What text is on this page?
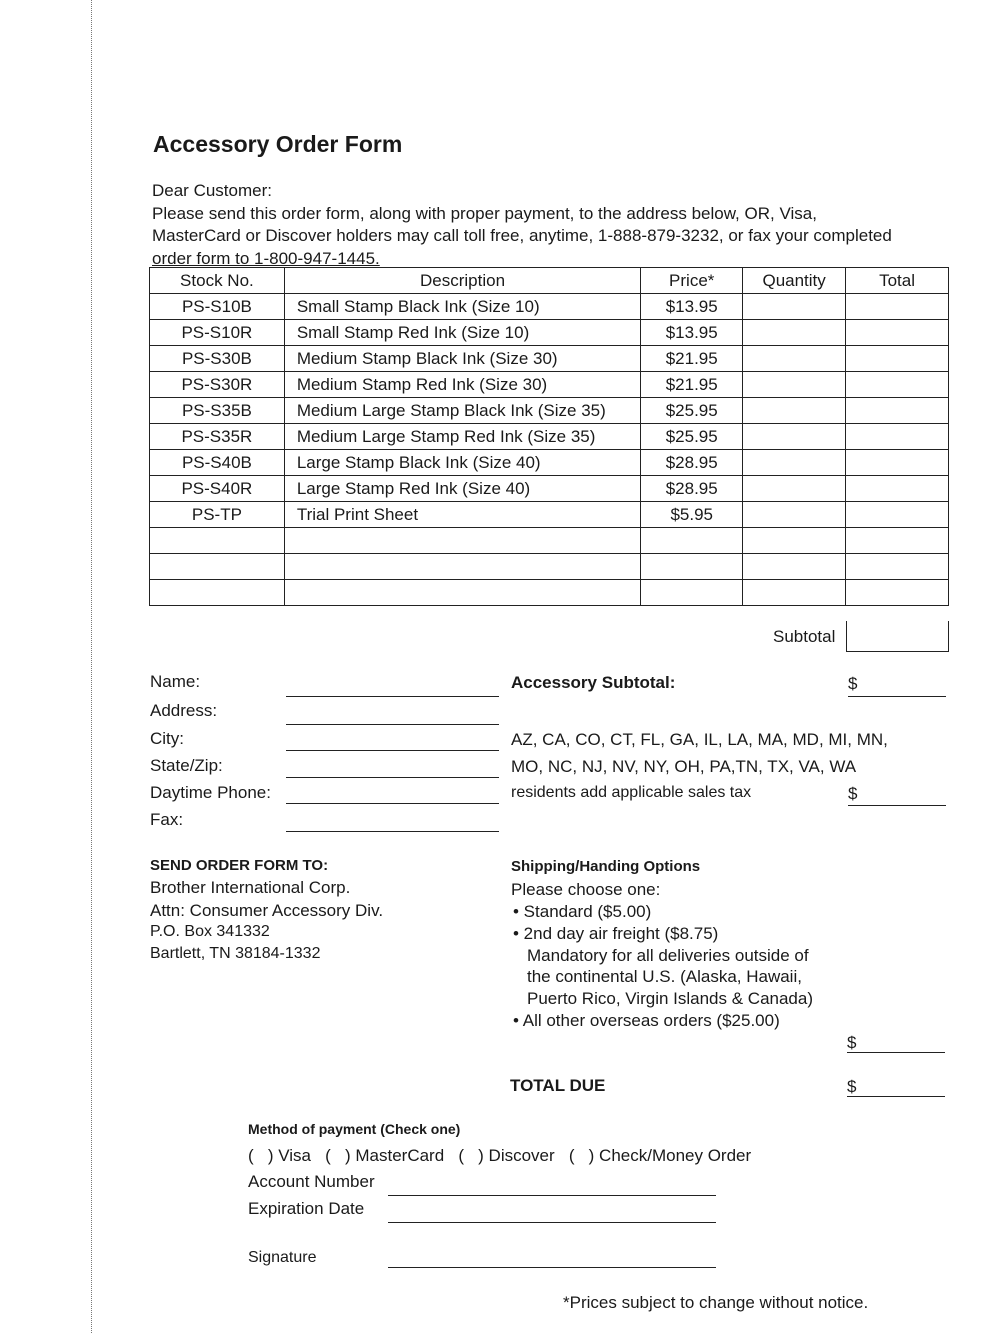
Accessory Order Form
Dear Customer:
Please send this order form, along with proper payment, to the address below, OR, Visa,
MasterCard or Discover holders may call toll free, anytime, 1-888-879-3232, or fax your completed
order form to 1-800-947-1445.
Stock No.	Description	Price*	Quantity	Total
PS-S10B	Small Stamp Black Ink (Size 10)	$13.95		
PS-S10R	Small Stamp Red Ink (Size 10)	$13.95		
PS-S30B	Medium Stamp Black Ink (Size 30)	$21.95		
PS-S30R	Medium Stamp Red Ink (Size 30)	$21.95		
PS-S35B	Medium Large Stamp Black Ink (Size 35)	$25.95		
PS-S35R	Medium Large Stamp Red Ink (Size 35)	$25.95		
PS-S40B	Large Stamp Black Ink (Size 40)	$28.95		
PS-S40R	Large Stamp Red Ink (Size 40)	$28.95		
PS-TP	Trial Print Sheet	$5.95		

Subtotal
Name:
Address:
City:
State/Zip:
Daytime Phone:
Fax:
Accessory Subtotal:	$
AZ, CA, CO, CT, FL, GA, IL, LA, MA, MD, MI, MN,
MO, NC, NJ, NV, NY, OH, PA,TN, TX, VA, WA
residents add applicable sales tax	$
SEND ORDER FORM TO:
Brother International Corp.
Attn: Consumer Accessory Div.
P.O. Box 341332
Bartlett, TN 38184-1332
Shipping/Handing Options
Please choose one:
• Standard ($5.00)
• 2nd day air freight ($8.75)
Mandatory for all deliveries outside of
the continental U.S. (Alaska, Hawaii,
Puerto Rico, Virgin Islands & Canada)
• All other overseas orders ($25.00)
$
TOTAL DUE	$
Method of payment (Check one)
(   ) Visa   (   ) MasterCard   (   ) Discover   (   ) Check/Money Order
Account Number
Expiration Date
Signature
*Prices subject to change without notice.
